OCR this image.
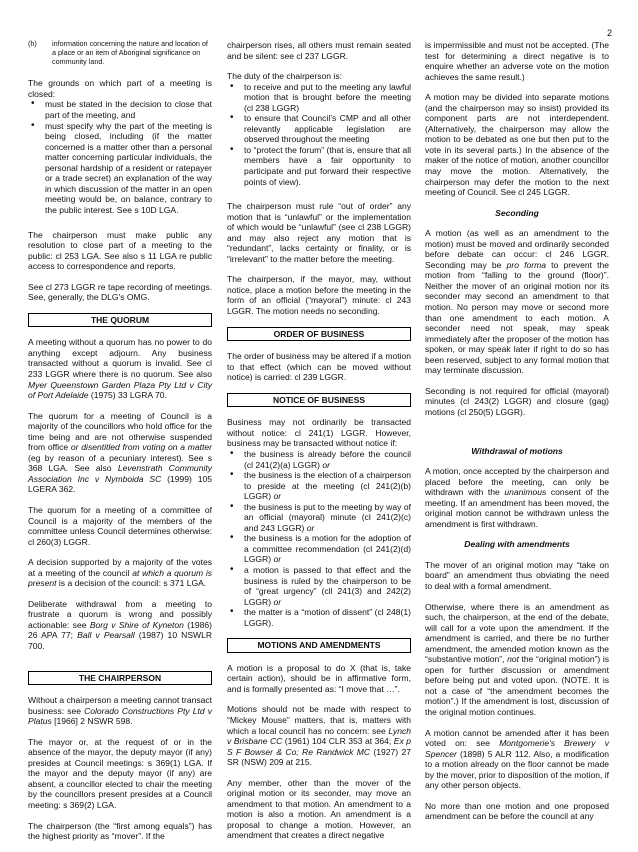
2
(h)	information concerning the nature and location of a place or an item of Aboriginal significance on community land.

The grounds on which part of a meeting is closed:

• must be stated in the decision to close that part of the meeting, and
• must specify why the part of the meeting is being closed, including (if the matter concerned is a matter other than a personal matter concerning particular individuals, the personal hardship of a resident or ratepayer or a trade secret) an explanation of the way in which discussion of the matter in an open meeting would be, on balance, contrary to the public interest. See s 10D LGA.

The chairperson must make public any resolution to close part of a meeting to the public: cl 253 LGA. See also s 11 LGA re public access to correspondence and reports.

See cl 273 LGGR re tape recording of meetings. See, generally, the DLG's OMG.

THE QUORUM

A meeting without a quorum has no power to do anything except adjourn. Any business transacted without a quorum is invalid. See cl 233 LGGR where there is no quorum. See also Myer Queenstown Garden Plaza Pty Ltd v City of Port Adelaide (1975) 33 LGRA 70.

The quorum for a meeting of Council is a majority of the councillors who hold office for the time being and are not otherwise suspended from office or disentitled from voting on a matter (eg by reason of a pecuniary interest). See s 368 LGA. See also Levenstrath Community Association Inc v Nymboida SC (1999) 105 LGERA 362.

The quorum for a meeting of a committee of Council is a majority of the members of the committee unless Council determines otherwise: cl 260(3) LGGR.

A decision supported by a majority of the votes at a meeting of the council at which a quorum is present is a decision of the council: s 371 LGA.

Deliberate withdrawal from a meeting to frustrate a quorum is wrong and possibly actionable: see Borg v Shire of Kyneton (1986) 26 APA 77; Ball v Pearsall (1987) 10 NSWLR 700.

THE CHAIRPERSON

Without a chairperson a meeting cannot transact business: see Colorado Constructions Pty Ltd v Platus [1966] 2 NSWR 598.

The mayor or, at the request of or in the absence of the mayor, the deputy mayor (if any) presides at Council meetings: s 369(1) LGA. If the mayor and the deputy mayor (if any) are absent, a councillor elected to chair the meeting by the councillors present presides at a Council meeting: s 369(2) LGA.

The chairperson (the “first among equals”) has the highest priority as “mover”. If the

chairperson rises, all others must remain seated and be silent: see cl 237 LGGR.

The duty of the chairperson is:

• to receive and put to the meeting any lawful motion that is brought before the meeting (cl 238 LGGR)
• to ensure that Council’s CMP and all other relevantly applicable legislation are observed throughout the meeting
• to “protect the forum” (that is, ensure that all members have a fair opportunity to participate and put forward their respective points of view).

The chairperson must rule “out of order” any motion that is “unlawful” or the implementation of which would be “unlawful” (see cl 238 LGGR) and may also reject any motion that is “redundant”, lacks certainty or finality, or is “irrelevant” to the matter before the meeting.

The chairperson, if the mayor, may, without notice, place a motion before the meeting in the form of an official (“mayoral”) minute: cl 243 LGGR. The motion needs no seconding.

ORDER OF BUSINESS

The order of business may be altered if a motion to that effect (which can be moved without notice) is carried: cl 239 LGGR.

NOTICE OF BUSINESS

Business may not ordinarily be transacted without notice: cl 241(1) LGGR. However, business may be transacted without notice if:

• the business is already before the council (cl 241(2)(a) LGGR) or
• the business is the election of a chairperson to preside at the meeting (cl 241(2)(b) LGGR) or
• the business is put to the meeting by way of an official (mayoral) minute (cl 241(2)(c) and 243 LGGR) or
• the business is a motion for the adoption of a committee recommendation (cl 241(2)(d) LGGR) or
• a motion is passed to that effect and the business is ruled by the chairperson to be of “great urgency” (cll 241(3) and 242(2) LGGR) or
• the matter is a “motion of dissent” (cl 248(1) LGGR).
MOTIONS AND AMENDMENTS

A motion is a proposal to do X (that is, take certain action), should be in affirmative form, and is formally presented as: “I move that …”.

Motions should not be made with respect to “Mickey Mouse” matters, that is, matters with which a local council has no concern: see Lynch v Brisbane CC (1961) 104 CLR 353 at 364; Ex p S F Bowser & Co; Re Randwick MC (1927) 27 SR (NSW) 209 at 215.

Any member, other than the mover of the original motion or its seconder, may move an amendment to that motion. An amendment to a motion is also a motion. An amendment is a proposal to change a motion. However, an amendment that creates a direct negative

is impermissible and must not be accepted. (The test for determining a direct negative is to enquire whether an adverse vote on the motion achieves the same result.)

A motion may be divided into separate motions (and the chairperson may so insist) provided its component parts are not interdependent. (Alternatively, the chairperson may allow the motion to be debated as one but then put to the vote in its several parts.) In the absence of the maker of the notice of motion, another councillor may move the motion. Alternatively, the chairperson may defer the motion to the next meeting of Council. See cl 245 LGGR.

Seconding

A motion (as well as an amendment to the motion) must be moved and ordinarily seconded before debate can occur: cl 246 LGGR. Seconding may be pro forma to prevent the motion from “falling to the ground (floor)”. Neither the mover of an original motion nor its seconder may second an amendment to that motion. No person may move or second more than one amendment to each motion. A seconder need not speak, may speak immediately after the proposer of the motion has spoken, or may speak later if right to do so has been reserved, subject to any formal motion that may terminate discussion.

Seconding is not required for official (mayoral) minutes (cl 243(2) LGGR) and closure (gag) motions (cl 250(5) LGGR).

Withdrawal of motions

A motion, once accepted by the chairperson and placed before the meeting, can only be withdrawn with the unanimous consent of the meeting. If an amendment has been moved, the original motion cannot be withdrawn unless the amendment is first withdrawn.

Dealing with amendments

The mover of an original motion may “take on board” an amendment thus obviating the need to deal with a formal amendment.

Otherwise, where there is an amendment as such, the chairperson, at the end of the debate, will call for a vote upon the amendment. If the amendment is carried, and there be no further amendment, the amended motion known as the “substantive motion”, not the “original motion”) is open for further discussion or amendment before being put and voted upon. (NOTE. It is not a case of “the amendment becomes the motion”.) If the amendment is lost, discussion of the original motion continues.

A motion cannot be amended after it has been voted on: see Montgomerie's Brewery v Spencer (1898) 5 ALR 112. Also, a modification to a motion already on the floor cannot be made by the mover, prior to disposition of the motion, if any other person objects.

No more than one motion and one proposed amendment can be before the council at any
